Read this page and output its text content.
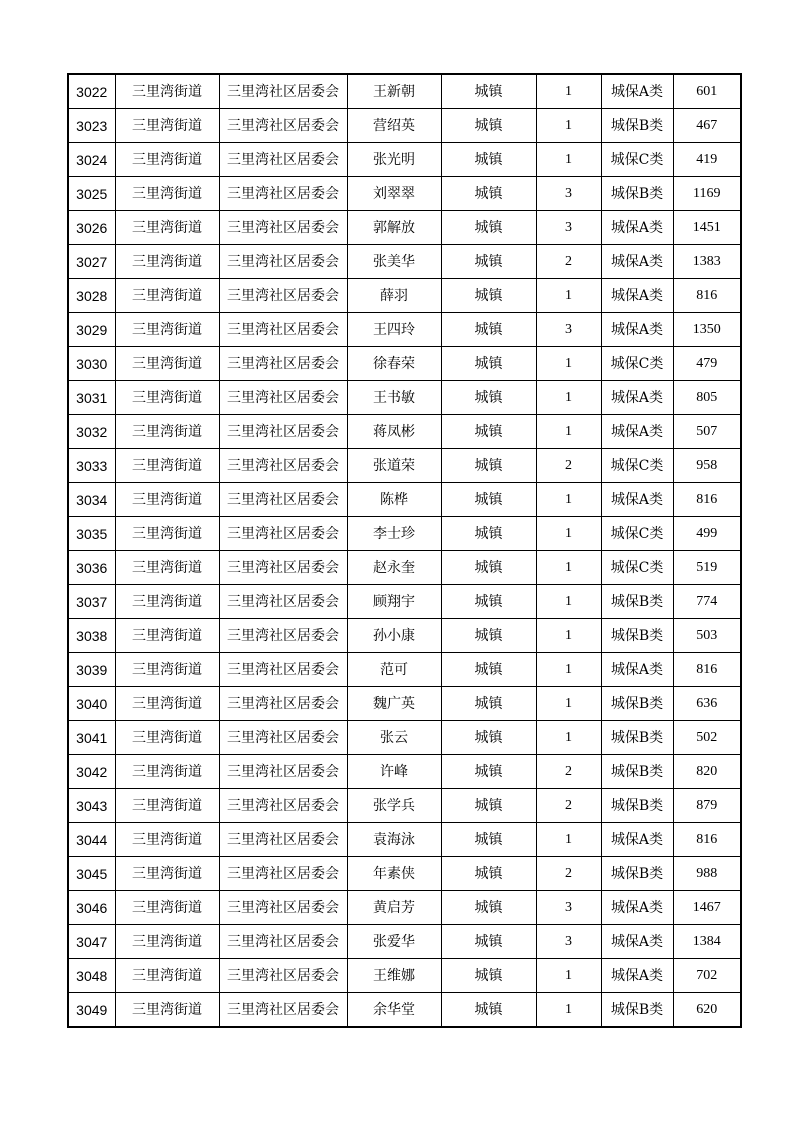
3022	三里湾街道	三里湾社区居委会	王新朝	城镇	1	城保A类	601
3023	三里湾街道	三里湾社区居委会	营绍英	城镇	1	城保B类	467
3024	三里湾街道	三里湾社区居委会	张光明	城镇	1	城保C类	419
3025	三里湾街道	三里湾社区居委会	刘翠翠	城镇	3	城保B类	1169
3026	三里湾街道	三里湾社区居委会	郭解放	城镇	3	城保A类	1451
3027	三里湾街道	三里湾社区居委会	张美华	城镇	2	城保A类	1383
3028	三里湾街道	三里湾社区居委会	薛羽	城镇	1	城保A类	816
3029	三里湾街道	三里湾社区居委会	王四玲	城镇	3	城保A类	1350
3030	三里湾街道	三里湾社区居委会	徐春荣	城镇	1	城保C类	479
3031	三里湾街道	三里湾社区居委会	王书敏	城镇	1	城保A类	805
3032	三里湾街道	三里湾社区居委会	蒋凤彬	城镇	1	城保A类	507
3033	三里湾街道	三里湾社区居委会	张道荣	城镇	2	城保C类	958
3034	三里湾街道	三里湾社区居委会	陈桦	城镇	1	城保A类	816
3035	三里湾街道	三里湾社区居委会	李士珍	城镇	1	城保C类	499
3036	三里湾街道	三里湾社区居委会	赵永奎	城镇	1	城保C类	519
3037	三里湾街道	三里湾社区居委会	顾翔宇	城镇	1	城保B类	774
3038	三里湾街道	三里湾社区居委会	孙小康	城镇	1	城保B类	503
3039	三里湾街道	三里湾社区居委会	范可	城镇	1	城保A类	816
3040	三里湾街道	三里湾社区居委会	魏广英	城镇	1	城保B类	636
3041	三里湾街道	三里湾社区居委会	张云	城镇	1	城保B类	502
3042	三里湾街道	三里湾社区居委会	许峰	城镇	2	城保B类	820
3043	三里湾街道	三里湾社区居委会	张学兵	城镇	2	城保B类	879
3044	三里湾街道	三里湾社区居委会	袁海泳	城镇	1	城保A类	816
3045	三里湾街道	三里湾社区居委会	年素侠	城镇	2	城保B类	988
3046	三里湾街道	三里湾社区居委会	黄启芳	城镇	3	城保A类	1467
3047	三里湾街道	三里湾社区居委会	张爱华	城镇	3	城保A类	1384
3048	三里湾街道	三里湾社区居委会	王维娜	城镇	1	城保A类	702
3049	三里湾街道	三里湾社区居委会	余华堂	城镇	1	城保B类	620
